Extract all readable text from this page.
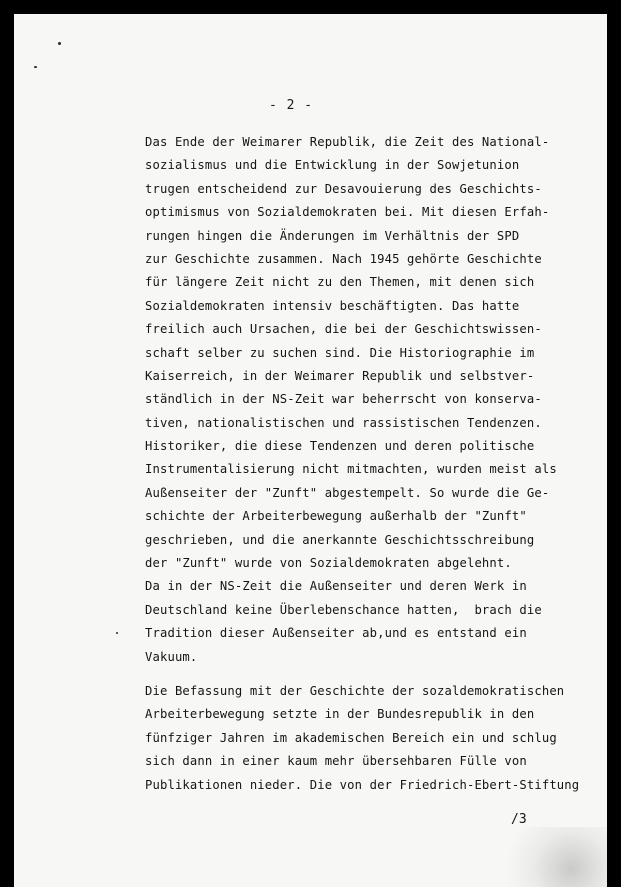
- 2 -
Das Ende der Weimarer Republik, die Zeit des National-
sozialismus und die Entwicklung in der Sowjetunion
trugen entscheidend zur Desavouierung des Geschichts-
optimismus von Sozialdemokraten bei. Mit diesen Erfah-
rungen hingen die Änderungen im Verhältnis der SPD
zur Geschichte zusammen. Nach 1945 gehörte Geschichte
für längere Zeit nicht zu den Themen, mit denen sich
Sozialdemokraten intensiv beschäftigten. Das hatte
freilich auch Ursachen, die bei der Geschichtswissen-
schaft selber zu suchen sind. Die Historiographie im
Kaiserreich, in der Weimarer Republik und selbstver-
ständlich in der NS-Zeit war beherrscht von konserva-
tiven, nationalistischen und rassistischen Tendenzen.
Historiker, die diese Tendenzen und deren politische
Instrumentalisierung nicht mitmachten, wurden meist als
Außenseiter der "Zunft" abgestempelt. So wurde die Ge-
schichte der Arbeiterbewegung außerhalb der "Zunft"
geschrieben, und die anerkannte Geschichtsschreibung
der "Zunft" wurde von Sozialdemokraten abgelehnt.
Da in der NS-Zeit die Außenseiter und deren Werk in
Deutschland keine Überlebenschance hatten,  brach die
Tradition dieser Außenseiter ab,und es entstand ein
Vakuum.
Die Befassung mit der Geschichte der sozaldemokratischen
Arbeiterbewegung setzte in der Bundesrepublik in den
fünfziger Jahren im akademischen Bereich ein und schlug
sich dann in einer kaum mehr übersehbaren Fülle von
Publikationen nieder. Die von der Friedrich-Ebert-Stiftung
/3
